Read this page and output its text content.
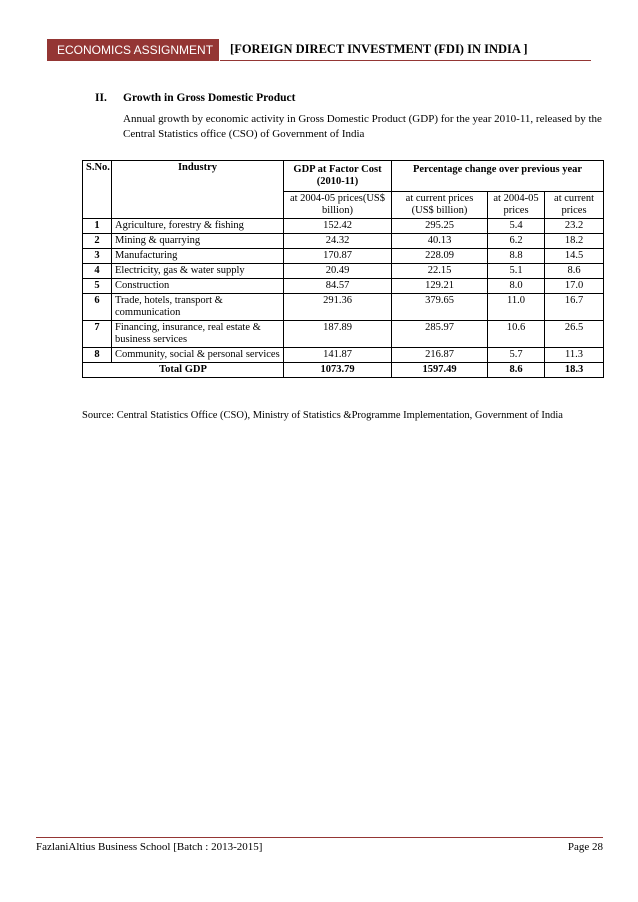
ECONOMICS ASSIGNMENT	[FOREIGN DIRECT INVESTMENT (FDI) IN INDIA ]
II. Growth in Gross Domestic Product
Annual growth by economic activity in Gross Domestic Product (GDP) for the year 2010-11, released by the Central Statistics office (CSO) of Government of India
S.No.	Industry	GDP at Factor Cost (2010-11)	Percentage change over previous year		
		at 2004-05 prices(US$ billion)	at current prices (US$ billion)	at 2004-05 prices	at current prices
1	Agriculture, forestry & fishing	152.42	295.25	5.4	23.2
2	Mining & quarrying	24.32	40.13	6.2	18.2
3	Manufacturing	170.87	228.09	8.8	14.5
4	Electricity, gas & water supply	20.49	22.15	5.1	8.6
5	Construction	84.57	129.21	8.0	17.0
6	Trade, hotels, transport & communication	291.36	379.65	11.0	16.7
7	Financing, insurance, real estate & business services	187.89	285.97	10.6	26.5
8	Community, social & personal services	141.87	216.87	5.7	11.3
Total GDP		1073.79	1597.49	8.6	18.3
Source: Central Statistics Office (CSO), Ministry of Statistics &Programme Implementation, Government of India
FazlaniAltius Business School [Batch : 2013-2015]	Page 28
